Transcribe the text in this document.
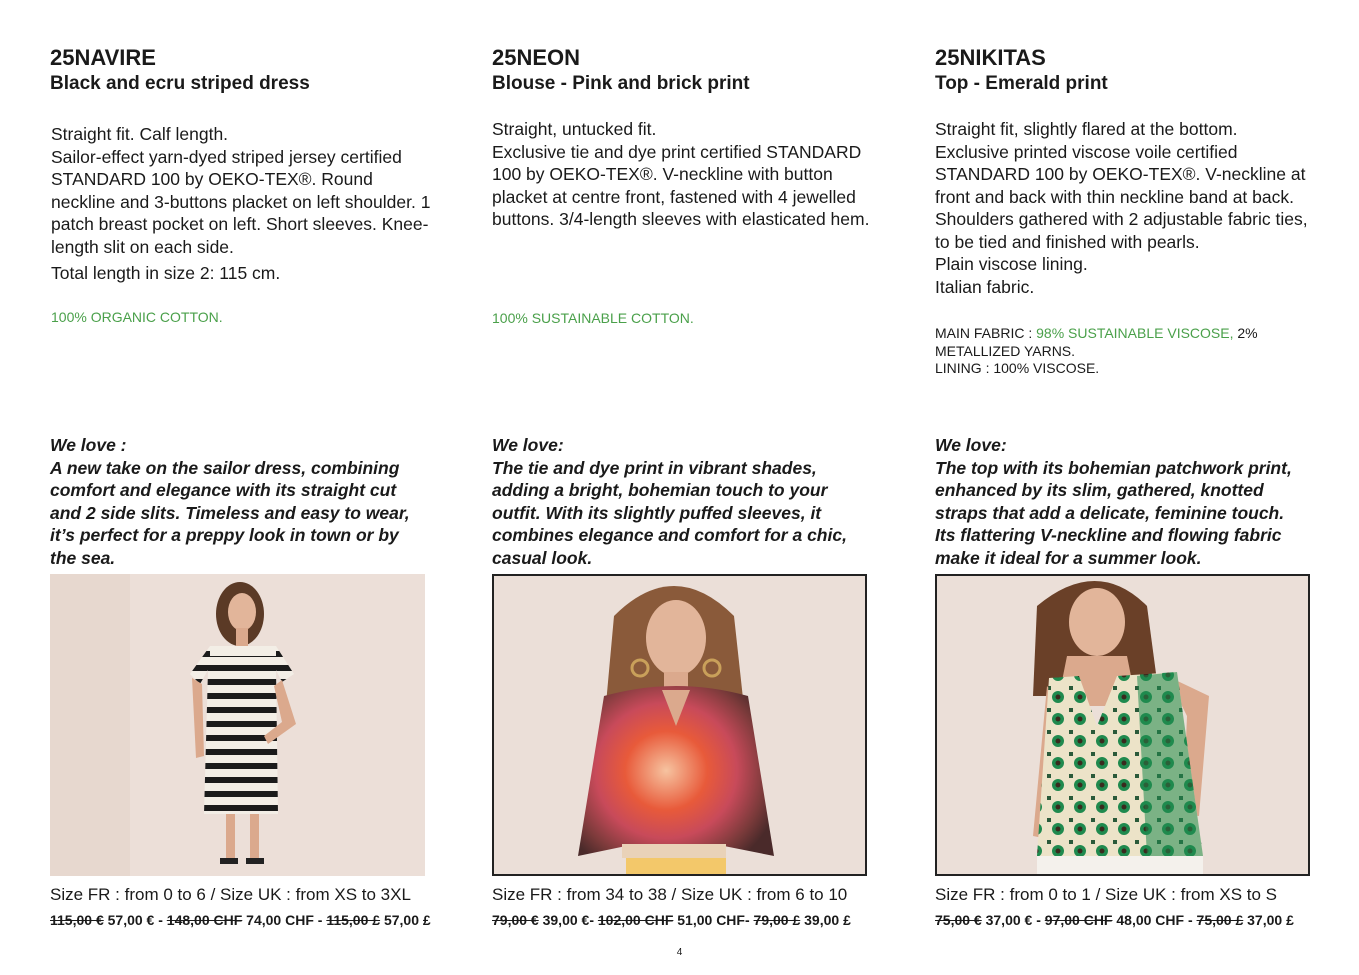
25NAVIRE
Black and ecru striped dress

Straight fit. Calf length.
Sailor-effect yarn-dyed striped jersey certified STANDARD 100 by OEKO-TEX®. Round neckline and 3-buttons placket on left shoulder. 1 patch breast pocket on left. Short sleeves. Knee-length slit on each side.

Total length in size 2: 115 cm.

100% ORGANIC COTTON.

We love :

A new take on the sailor dress, combining comfort and elegance with its straight cut and 2 side slits. Timeless and easy to wear, it’s perfect for a preppy look in town or by the sea.

Size FR : from 0 to 6 / Size UK : from XS to 3XL
115,00 € 57,00 € - 148,00 CHF 74,00 CHF - 115,00 £ 57,00 £
25NEON
Blouse - Pink and brick print

Straight, untucked fit.
Exclusive tie and dye print certified STANDARD 100 by OEKO-TEX®. V-neckline with button placket at centre front, fastened with 4 jewelled buttons. 3/4-length sleeves with elasticated hem.

100% SUSTAINABLE COTTON.

We love:

The tie and dye print in vibrant shades, adding a bright, bohemian touch to your outfit. With its slightly puffed sleeves, it combines elegance and comfort for a chic, casual look.

Size FR : from 34 to 38 / Size UK : from 6 to 10
79,00 € 39,00 €- 102,00 CHF 51,00 CHF- 79,00 £ 39,00 £
25NIKITAS
Top - Emerald print

Straight fit, slightly flared at the bottom.
Exclusive printed viscose voile certified STANDARD 100 by OEKO-TEX®. V-neckline at front and back with thin neckline band at back. Shoulders gathered with 2 adjustable fabric ties, to be tied and finished with pearls.
Plain viscose lining.
Italian fabric.

MAIN FABRIC : 98% SUSTAINABLE VISCOSE, 2% METALLIZED YARNS.

LINING : 100% VISCOSE.

We love:

The top with its bohemian patchwork print, enhanced by its slim, gathered, knotted straps that add a delicate, feminine touch. Its flattering V-neckline and flowing fabric make it ideal for a summer look.

Size FR : from 0 to 1 / Size UK : from XS to S
75,00 € 37,00 € - 97,00 CHF 48,00 CHF - 75,00 £ 37,00 £
4
